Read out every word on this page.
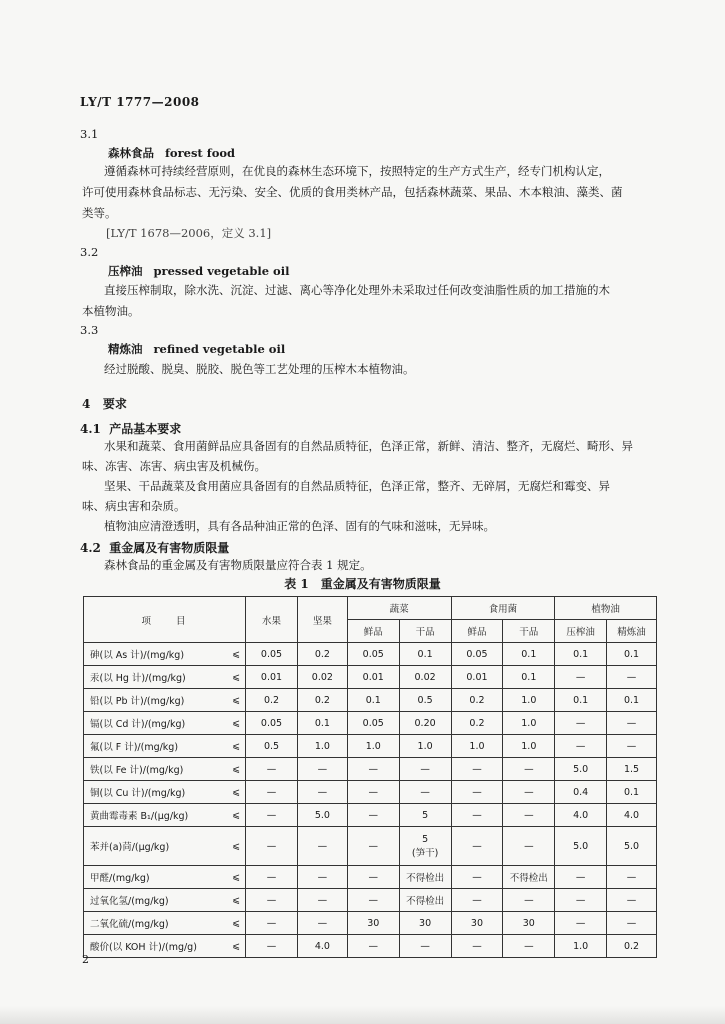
LY/T 1777—2008
3.1
森林食品 forest food
遵循森林可持续经营原则，在优良的森林生态环境下，按照特定的生产方式生产，经专门机构认定，
许可使用森林食品标志、无污染、安全、优质的食用类林产品，包括森林蔬菜、果品、木本粮油、藻类、菌
类等。
[LY/T 1678—2006，定义 3.1]
3.2
压榨油 pressed vegetable oil
直接压榨制取，除水洗、沉淀、过滤、离心等净化处理外未采取过任何改变油脂性质的加工措施的木
本植物油。
3.3
精炼油 refined vegetable oil
经过脱酸、脱臭、脱胶、脱色等工艺处理的压榨木本植物油。
4 要求
4.1 产品基本要求
水果和蔬菜、食用菌鲜品应具备固有的自然品质特征，色泽正常，新鲜、清洁、整齐，无腐烂、畸形、异
味、冻害、冻害、病虫害及机械伤。
坚果、干品蔬菜及食用菌应具备固有的自然品质特征，色泽正常，整齐、无碎屑，无腐烂和霉变、异
味、病虫害和杂质。
植物油应清澄透明，具有各品种油正常的色泽、固有的气味和滋味，无异味。
4.2 重金属及有害物质限量
森林食品的重金属及有害物质限量应符合表 1 规定。
表 1　重金属及有害物质限量
项　　目		水果	坚果	蔬菜		食用菌		植物油	
				鲜品	干品	鲜品	干品	压榨油	精炼油
砷(以 As 计)/(mg/kg)	⩽	0.05	0.2	0.05	0.1	0.05	0.1	0.1	0.1
汞(以 Hg 计)/(mg/kg)	⩽	0.01	0.02	0.01	0.02	0.01	0.1	—	—
铅(以 Pb 计)/(mg/kg)	⩽	0.2	0.2	0.1	0.5	0.2	1.0	0.1	0.1
镉(以 Cd 计)/(mg/kg)	⩽	0.05	0.1	0.05	0.20	0.2	1.0	—	—
氟(以 F 计)/(mg/kg)	⩽	0.5	1.0	1.0	1.0	1.0	1.0	—	—
铁(以 Fe 计)/(mg/kg)	⩽	—	—	—	—	—	—	5.0	1.5
铜(以 Cu 计)/(mg/kg)	⩽	—	—	—	—	—	—	0.4	0.1
黄曲霉毒素 B₁/(μg/kg)	⩽	—	5.0	—	5	—	—	4.0	4.0
苯并(a)苘/(μg/kg)	⩽	—	—	—	5
(笋干)	—	—	5.0	5.0
甲醛/(mg/kg)	⩽	—	—	—	不得检出	—	不得检出	—	—
过氧化氢/(mg/kg)	⩽	—	—	—	不得检出	—	—	—	—
二氧化硫/(mg/kg)	⩽	—	—	30	30	30	30	—	—
酸价(以 KOH 计)/(mg/g)	⩽	—	4.0	—	—	—	—	1.0	0.2
2
